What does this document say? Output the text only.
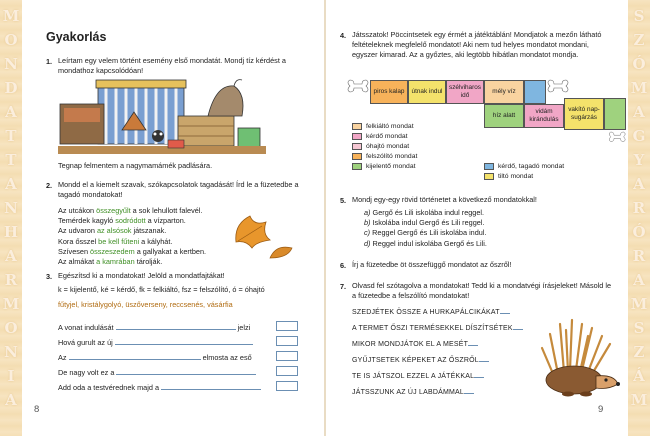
M
O
N
D
A
T
T
A
N
H
A
R
M
O
N
I
A
S
Z
Ó
M
A
G
Y
A
R
Ó
R
A
M
S
Z
Á
M
Gyakorlás
1. Leírtam egy velem történt esemény első mondatát. Mondj tíz kérdést a mondathoz kapcsolódóan!
Tegnap felmentem a nagymamámék padlására.
2. Mondd el a kiemelt szavak, szókapcsolatok tagadását! Írd le a füzetedbe a tagadó mondatokat!
Az utcákon összegyűlt a sok lehullott falevél.
Temérdek kagyló sodródott a vízparton.
Az udvaron az alsósok játszanak.
Kora ősszel be kell fűteni a kályhát.
Szívesen összeszedem a gallyakat a kertben.
Az almákat a kamrában tárolják.
3. Egészítsd ki a mondatokat! Jelöld a mondatfajtákat!
k = kijelentő, ké = kérdő, fk = felkiáltó, fsz = felszólító, ó = óhajtó
fűtyjel, kristálygolyó, üszőverseny, reccsenés, vásárfia
A vonat indulását	jelzi
Hová gurult az új
Az	elmosta az eső
De nagy volt ez a
Add oda a testvérednek majd a
8
4. Játsszatok! Pöccintsetek egy érmét a játéktáblán! Mondjatok a mezőn látható feltételeknek megfelelő mondatot! Aki nem tud helyes mondatot mondani, egyszer kimarad. Az a győztes, aki legtöbb hibátlan mondatot mondja.
piros kalap	útnak indul
szélviharos idő
mély víz
híz alatt
vidám kirándulás
vakító nap-sugárzás
felkiáltó mondat
kérdő mondat
óhajtó mondat
felszólító mondat
kijelentő mondat	kérdő, tagadó mondat
tiltó mondat
5. Mondj egy-egy rövid történetet a következő mondatokkal!
a) Gergő és Lili iskolába indul reggel.
b) Iskolába indul Gergő és Lili reggel.
c) Reggel Gergő és Lili iskolába indul.
d) Reggel indul iskolába Gergő és Lili.
6. Írj a füzetedbe öt összefüggő mondatot az őszről!
7. Olvasd fel szótagolva a mondatokat! Tedd ki a mondatvégi írásjeleket! Másold le a füzetedbe a felszólító mondatokat!
SZEDJÉTEK ÖSSZE A HURKAPÁLCIKÁKAT
A TERMET ŐSZI TERMÉSEKKEL DÍSZÍTSÉTEK
MIKOR MONDJÁTOK EL A MESÉT
GYŰJTSETEK KÉPEKET AZ ŐSZRŐL
TE IS JÁTSZOL EZZEL A JÁTÉKKAL
JÁTSSZUNK AZ ÚJ LABDÁMMAL
9
